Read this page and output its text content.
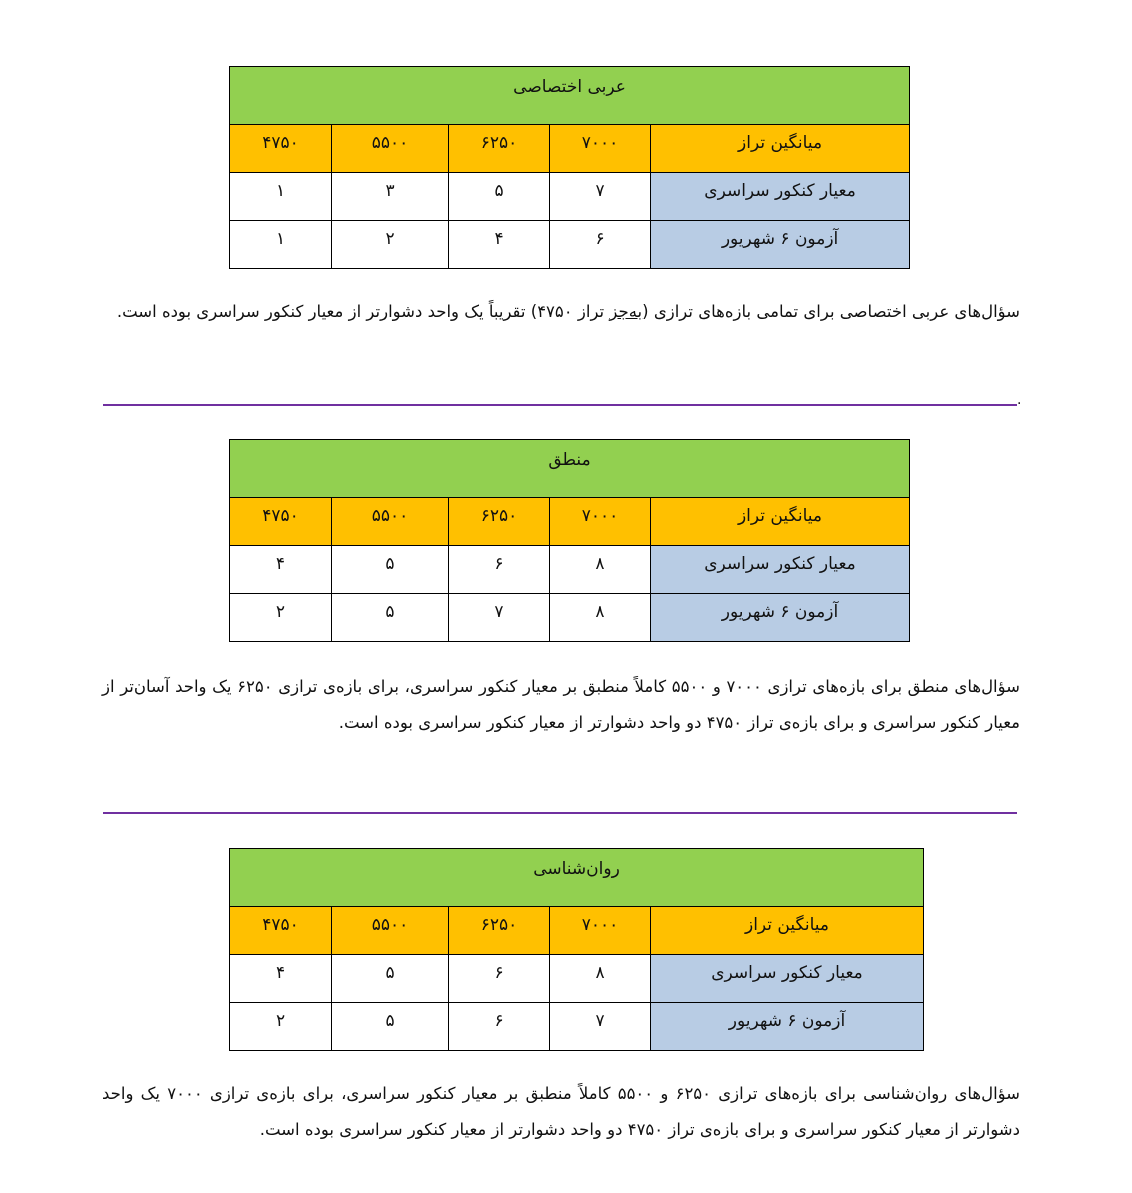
عربی اختصاصی				
میانگین تراز	۷۰۰۰	۶۲۵۰	۵۵۰۰	۴۷۵۰
معیار کنکور سراسری	۷	۵	۳	۱
آزمون ۶ شهریور	۶	۴	۲	۱

سؤال‌های عربی اختصاصی برای تمامی بازه‌های ترازی (به‌جز تراز ۴۷۵۰) تقریباً یک واحد دشوارتر از معیار کنکور سراسری بوده است.

.
منطق				
میانگین تراز	۷۰۰۰	۶۲۵۰	۵۵۰۰	۴۷۵۰
معیار کنکور سراسری	۸	۶	۵	۴
آزمون ۶ شهریور	۸	۷	۵	۲

سؤال‌های منطق برای بازه‌های ترازی ۷۰۰۰ و ۵۵۰۰ کاملاً منطبق بر معیار کنکور سراسری، برای بازه‌ی ترازی ۶۲۵۰ یک واحد آسان‌تر از معیار کنکور سراسری و برای بازه‌ی تراز ۴۷۵۰ دو واحد دشوارتر از معیار کنکور سراسری بوده است.

روان‌شناسی				
میانگین تراز	۷۰۰۰	۶۲۵۰	۵۵۰۰	۴۷۵۰
معیار کنکور سراسری	۸	۶	۵	۴
آزمون ۶ شهریور	۷	۶	۵	۲

سؤال‌های روان‌شناسی برای بازه‌های ترازی ۶۲۵۰ و ۵۵۰۰ کاملاً منطبق بر معیار کنکور سراسری، برای بازه‌ی ترازی ۷۰۰۰ یک واحد دشوارتر از معیار کنکور سراسری و برای بازه‌ی تراز ۴۷۵۰ دو واحد دشوارتر از معیار کنکور سراسری بوده است.
